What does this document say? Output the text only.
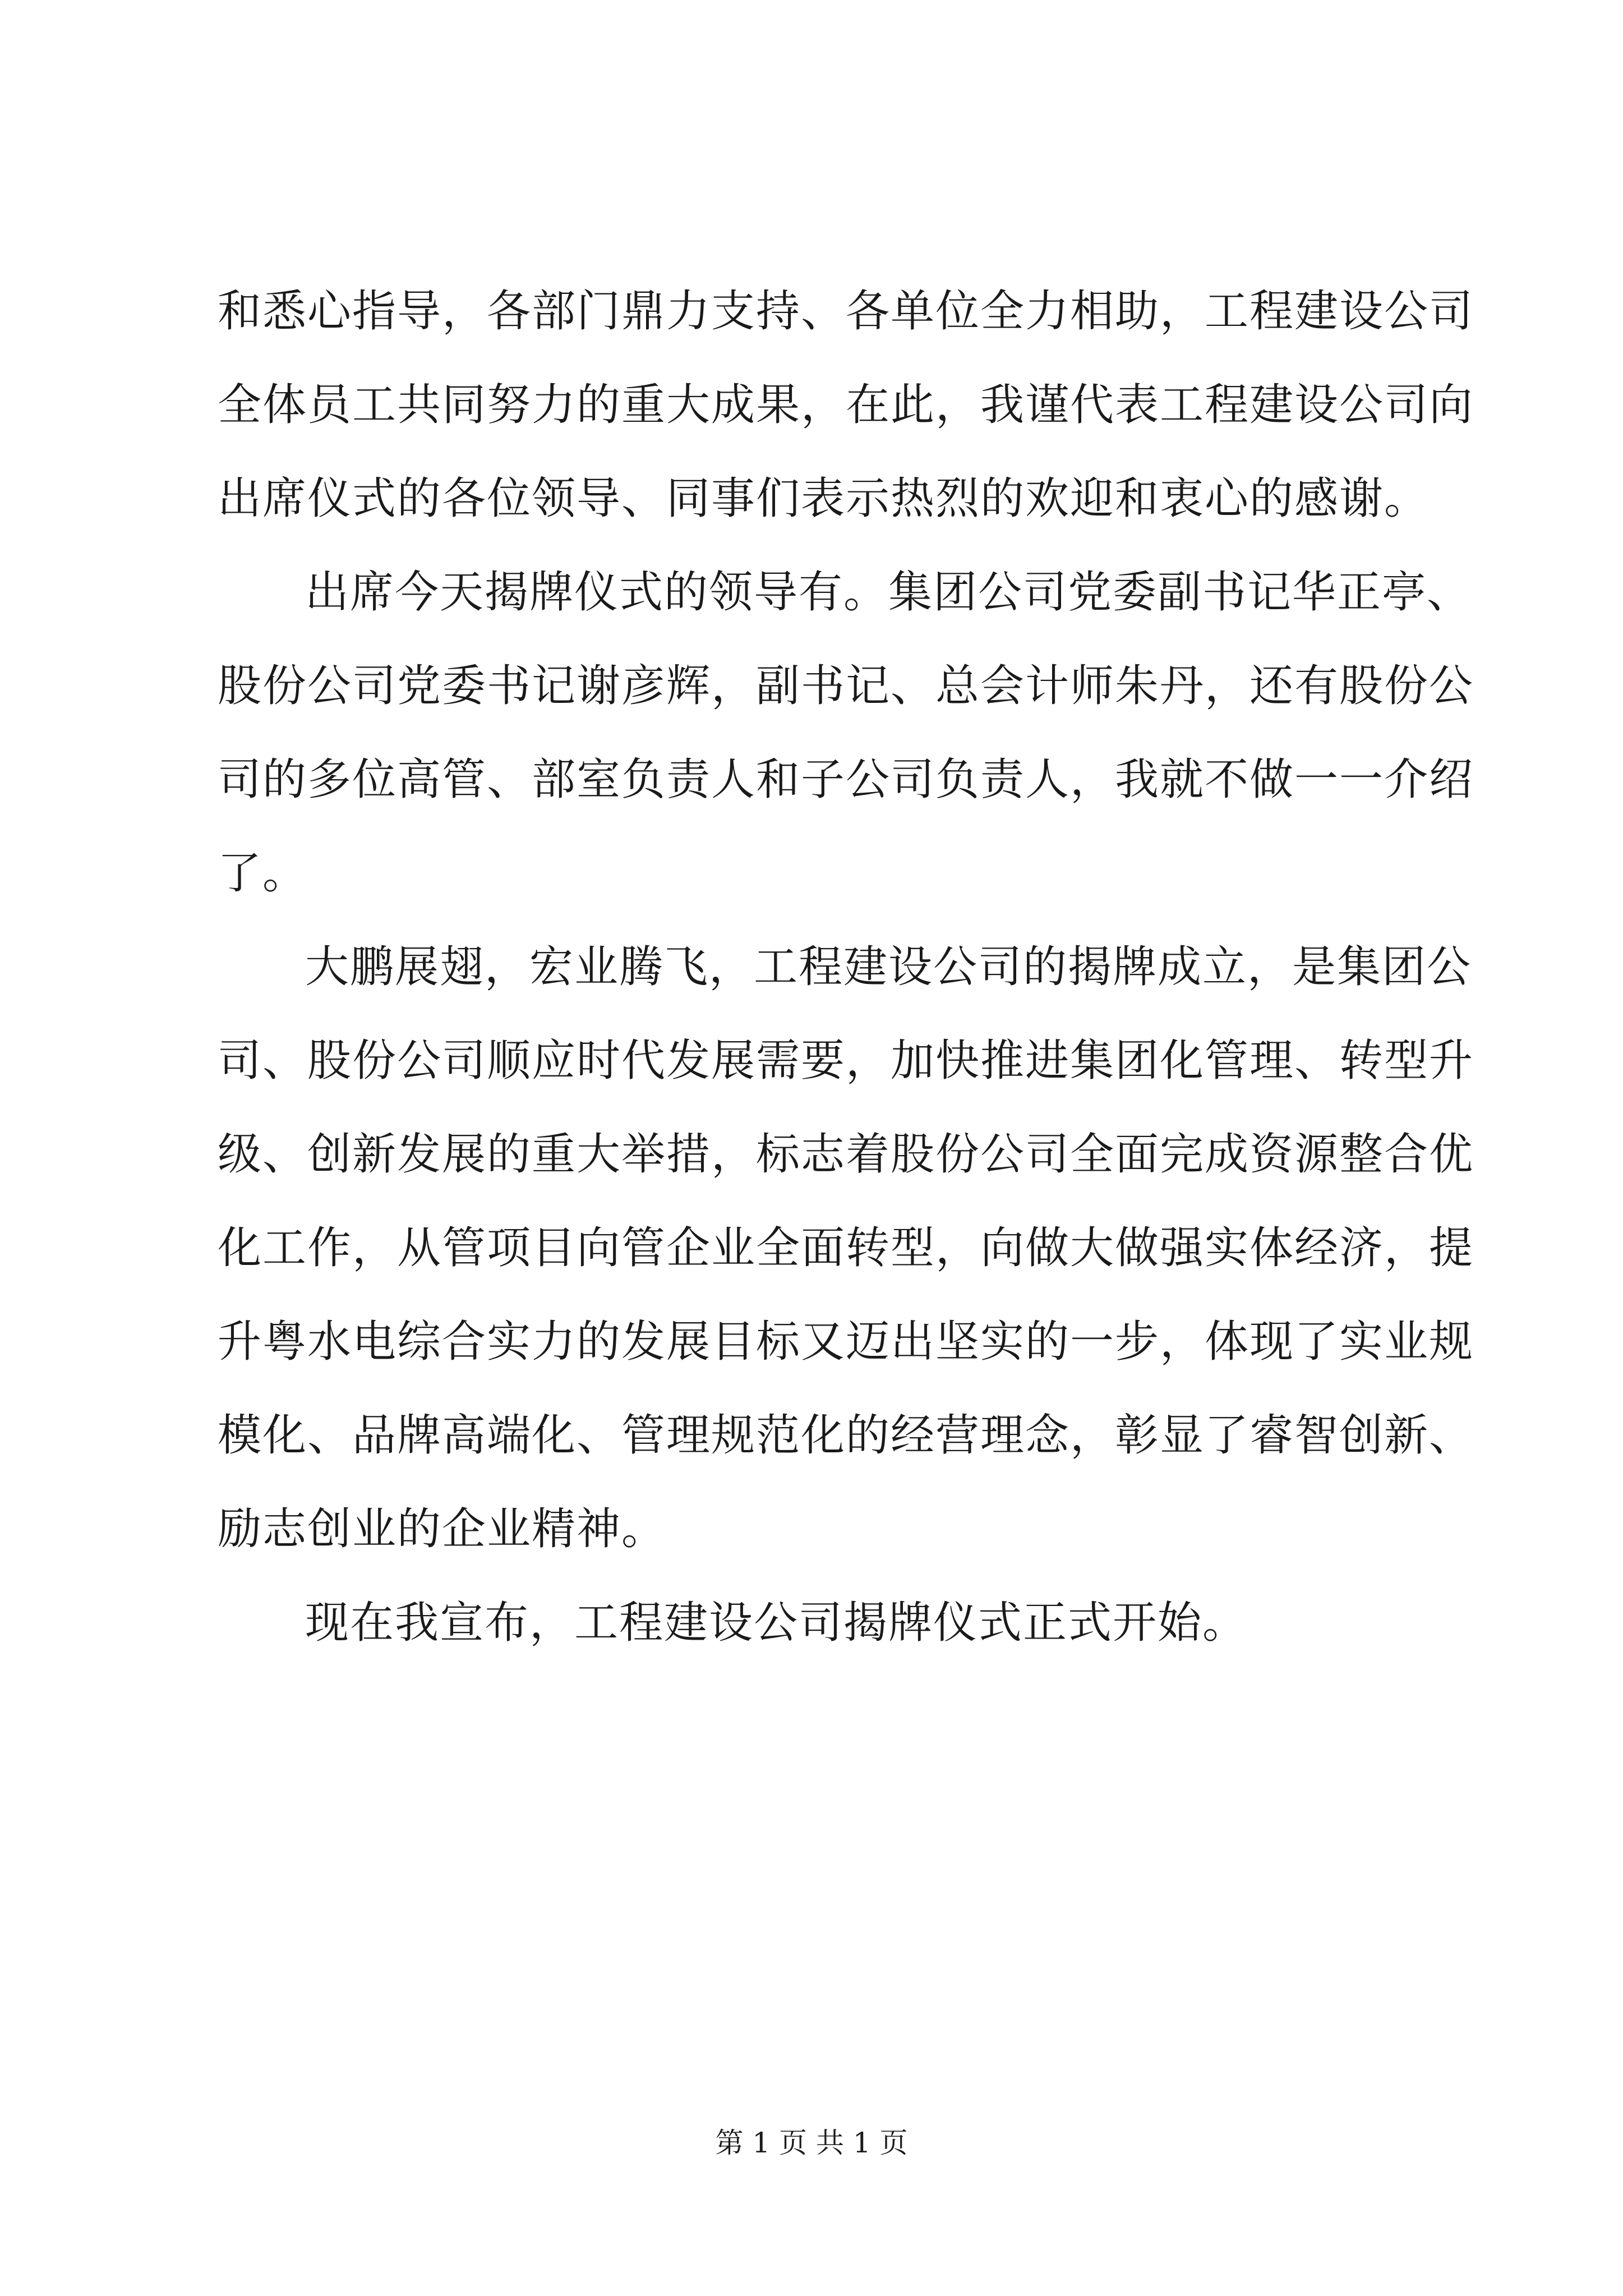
和悉心指导，各部门鼎力支持、各单位全力相助，工程建设公司
全体员工共同努力的重大成果，在此，我谨代表工程建设公司向
出席仪式的各位领导、同事们表示热烈的欢迎和衷心的感谢。
出席今天揭牌仪式的领导有。集团公司党委副书记华正亭、
股份公司党委书记谢彦辉，副书记、总会计师朱丹，还有股份公
司的多位高管、部室负责人和子公司负责人，我就不做一一介绍
了。
大鹏展翅，宏业腾飞，工程建设公司的揭牌成立，是集团公
司、股份公司顺应时代发展需要，加快推进集团化管理、转型升
级、创新发展的重大举措，标志着股份公司全面完成资源整合优
化工作，从管项目向管企业全面转型，向做大做强实体经济，提
升粤水电综合实力的发展目标又迈出坚实的一步，体现了实业规
模化、品牌高端化、管理规范化的经营理念，彰显了睿智创新、
励志创业的企业精神。
现在我宣布，工程建设公司揭牌仪式正式开始。
第 1 页 共 1 页
